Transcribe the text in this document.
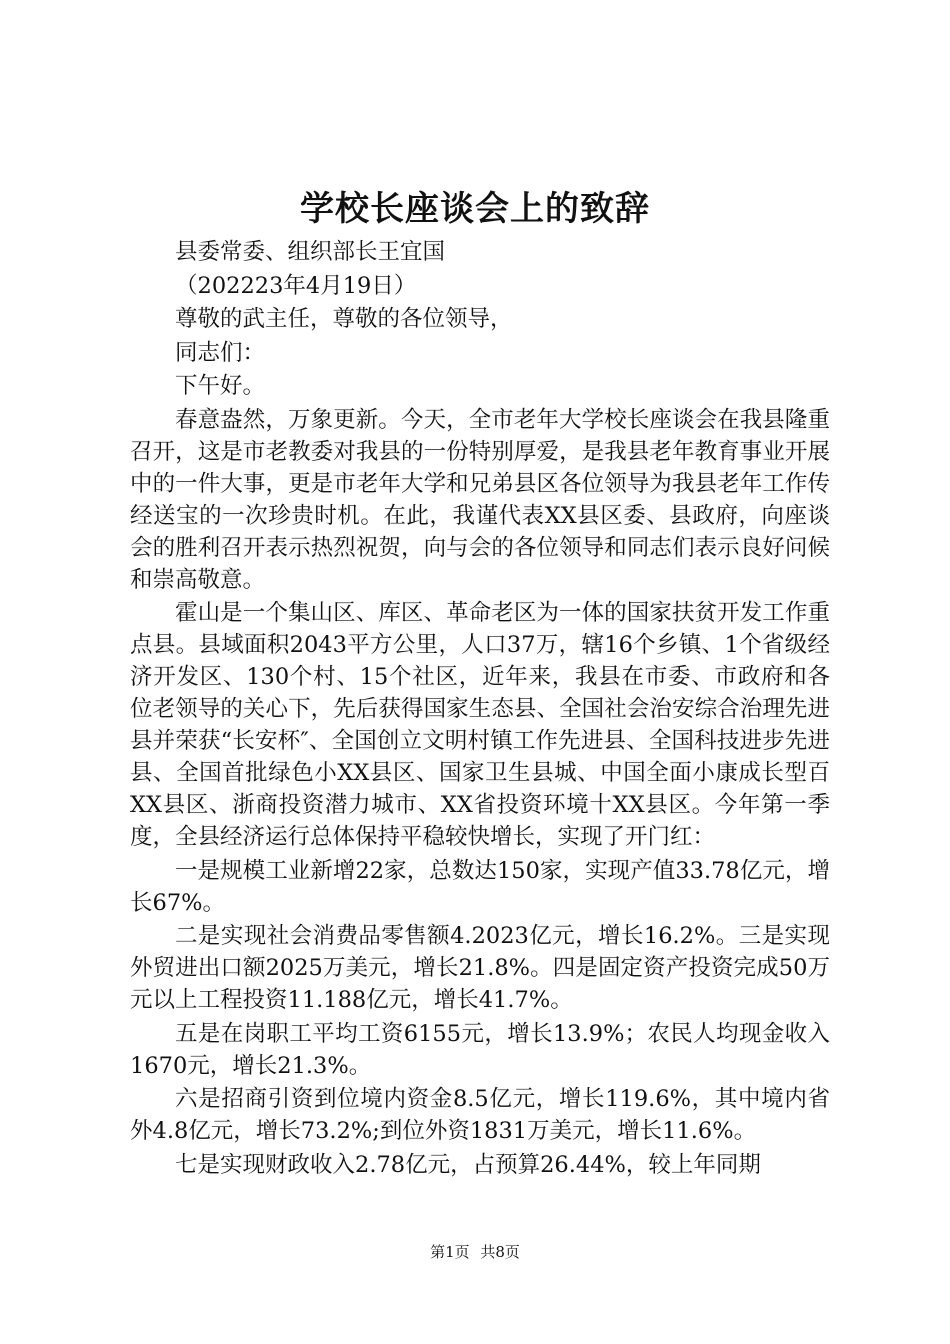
学校长座谈会上的致辞

县委常委、组织部长王宜国

（202223年4月19日）

尊敬的武主任，尊敬的各位领导，

同志们：

下午好。

春意盎然，万象更新。今天，全市老年大学校长座谈会在我县隆重召开，这是市老教委对我县的一份特别厚爱，是我县老年教育事业开展中的一件大事，更是市老年大学和兄弟县区各位领导为我县老年工作传经送宝的一次珍贵时机。在此，我谨代表XX县区委、县政府，向座谈会的胜利召开表示热烈祝贺，向与会的各位领导和同志们表示良好问候和崇高敬意。

霍山是一个集山区、库区、革命老区为一体的国家扶贫开发工作重点县。县域面积2043平方公里，人口37万，辖16个乡镇、1个省级经济开发区、130个村、15个社区，近年来，我县在市委、市政府和各位老领导的关心下，先后获得国家生态县、全国社会治安综合治理先进县并荣获“长安杯″、全国创立文明村镇工作先进县、全国科技进步先进县、全国首批绿色小XX县区、国家卫生县城、中国全面小康成长型百XX县区、浙商投资潜力城市、XX省投资环境十XX县区。今年第一季度，全县经济运行总体保持平稳较快增长，实现了开门红：

一是规模工业新增22家，总数达150家，实现产值33.78亿元，增长67%。

二是实现社会消费品零售额4.2023亿元，增长16.2%。三是实现外贸进出口额2025万美元，增长21.8%。四是固定资产投资完成50万元以上工程投资11.188亿元，增长41.7%。

五是在岗职工平均工资6155元，增长13.9%；农民人均现金收入1670元，增长21.3%。

六是招商引资到位境内资金8.5亿元，增长119.6%，其中境内省外4.8亿元，增长73.2%;到位外资1831万美元，增长11.6%。

七是实现财政收入2.78亿元，占预算26.44%，较上年同期

第1页 共8页
